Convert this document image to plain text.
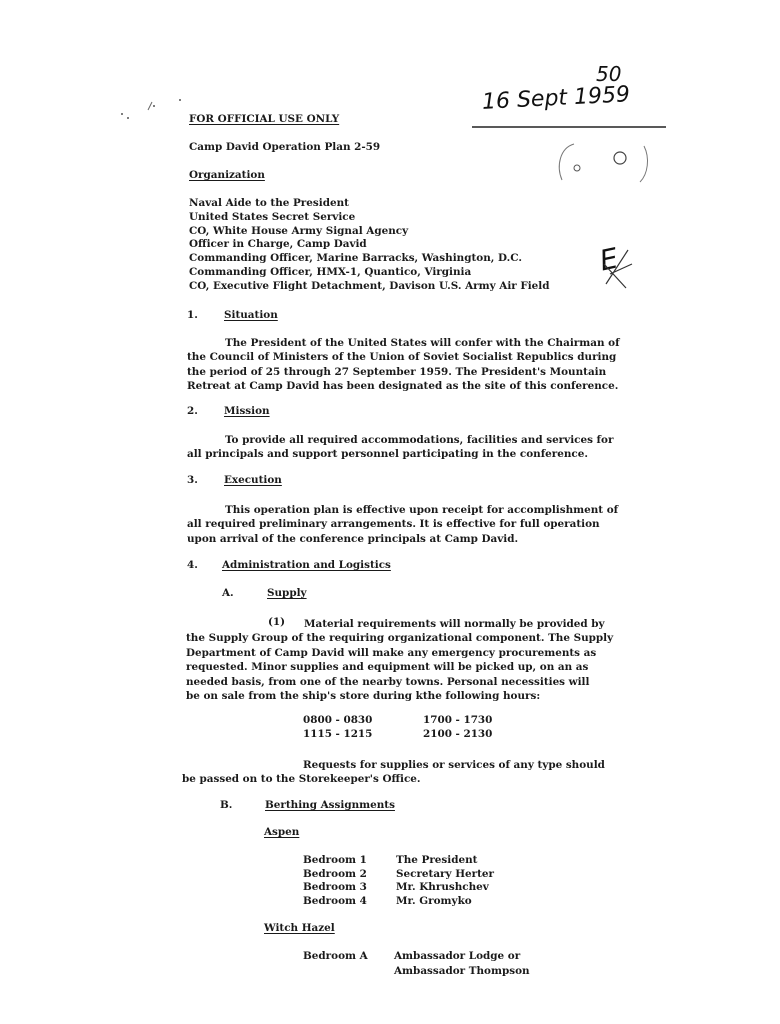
50
16 Sept 1959
E
FOR OFFICIAL USE ONLY
Camp David Operation Plan 2-59
Organization
Naval Aide to the President
United States Secret Service
CO, White House Army Signal Agency
Officer in Charge, Camp David
Commanding Officer, Marine Barracks, Washington, D.C.
Commanding Officer, HMX-1, Quantico, Virginia
CO, Executive Flight Detachment, Davison U.S. Army Air Field
1.	Situation
The President of the United States will confer with the Chairman of
the Council of Ministers of the Union of Soviet Socialist Republics during
the period of 25 through 27 September 1959. The President's Mountain
Retreat at Camp David has been designated as the site of this conference.
2.	Mission
To provide all required accommodations, facilities and services for
all principals and support personnel participating in the conference.
3.	Execution
This operation plan is effective upon receipt for accomplishment of
all required preliminary arrangements. It is effective for full operation
upon arrival of the conference principals at Camp David.
4. Administration and Logistics
A.	Supply
(1)	Material requirements will normally be provided by
the Supply Group of the requiring organizational component. The Supply
Department of Camp David will make any emergency procurements as
requested. Minor supplies and equipment will be picked up, on an as
needed basis, from one of the nearby towns. Personal necessities will
be on sale from the ship's store during kthe following hours:
0800 - 0830	1700 - 1730
1115 - 1215	2100 - 2130
Requests for supplies or services of any type should
be passed on to the Storekeeper's Office.
B.	Berthing Assignments
Aspen
Bedroom 1	The President
Bedroom 2	Secretary Herter
Bedroom 3	Mr. Khrushchev
Bedroom 4	Mr. Gromyko
Witch Hazel
Bedroom A	Ambassador Lodge or
Ambassador Thompson
